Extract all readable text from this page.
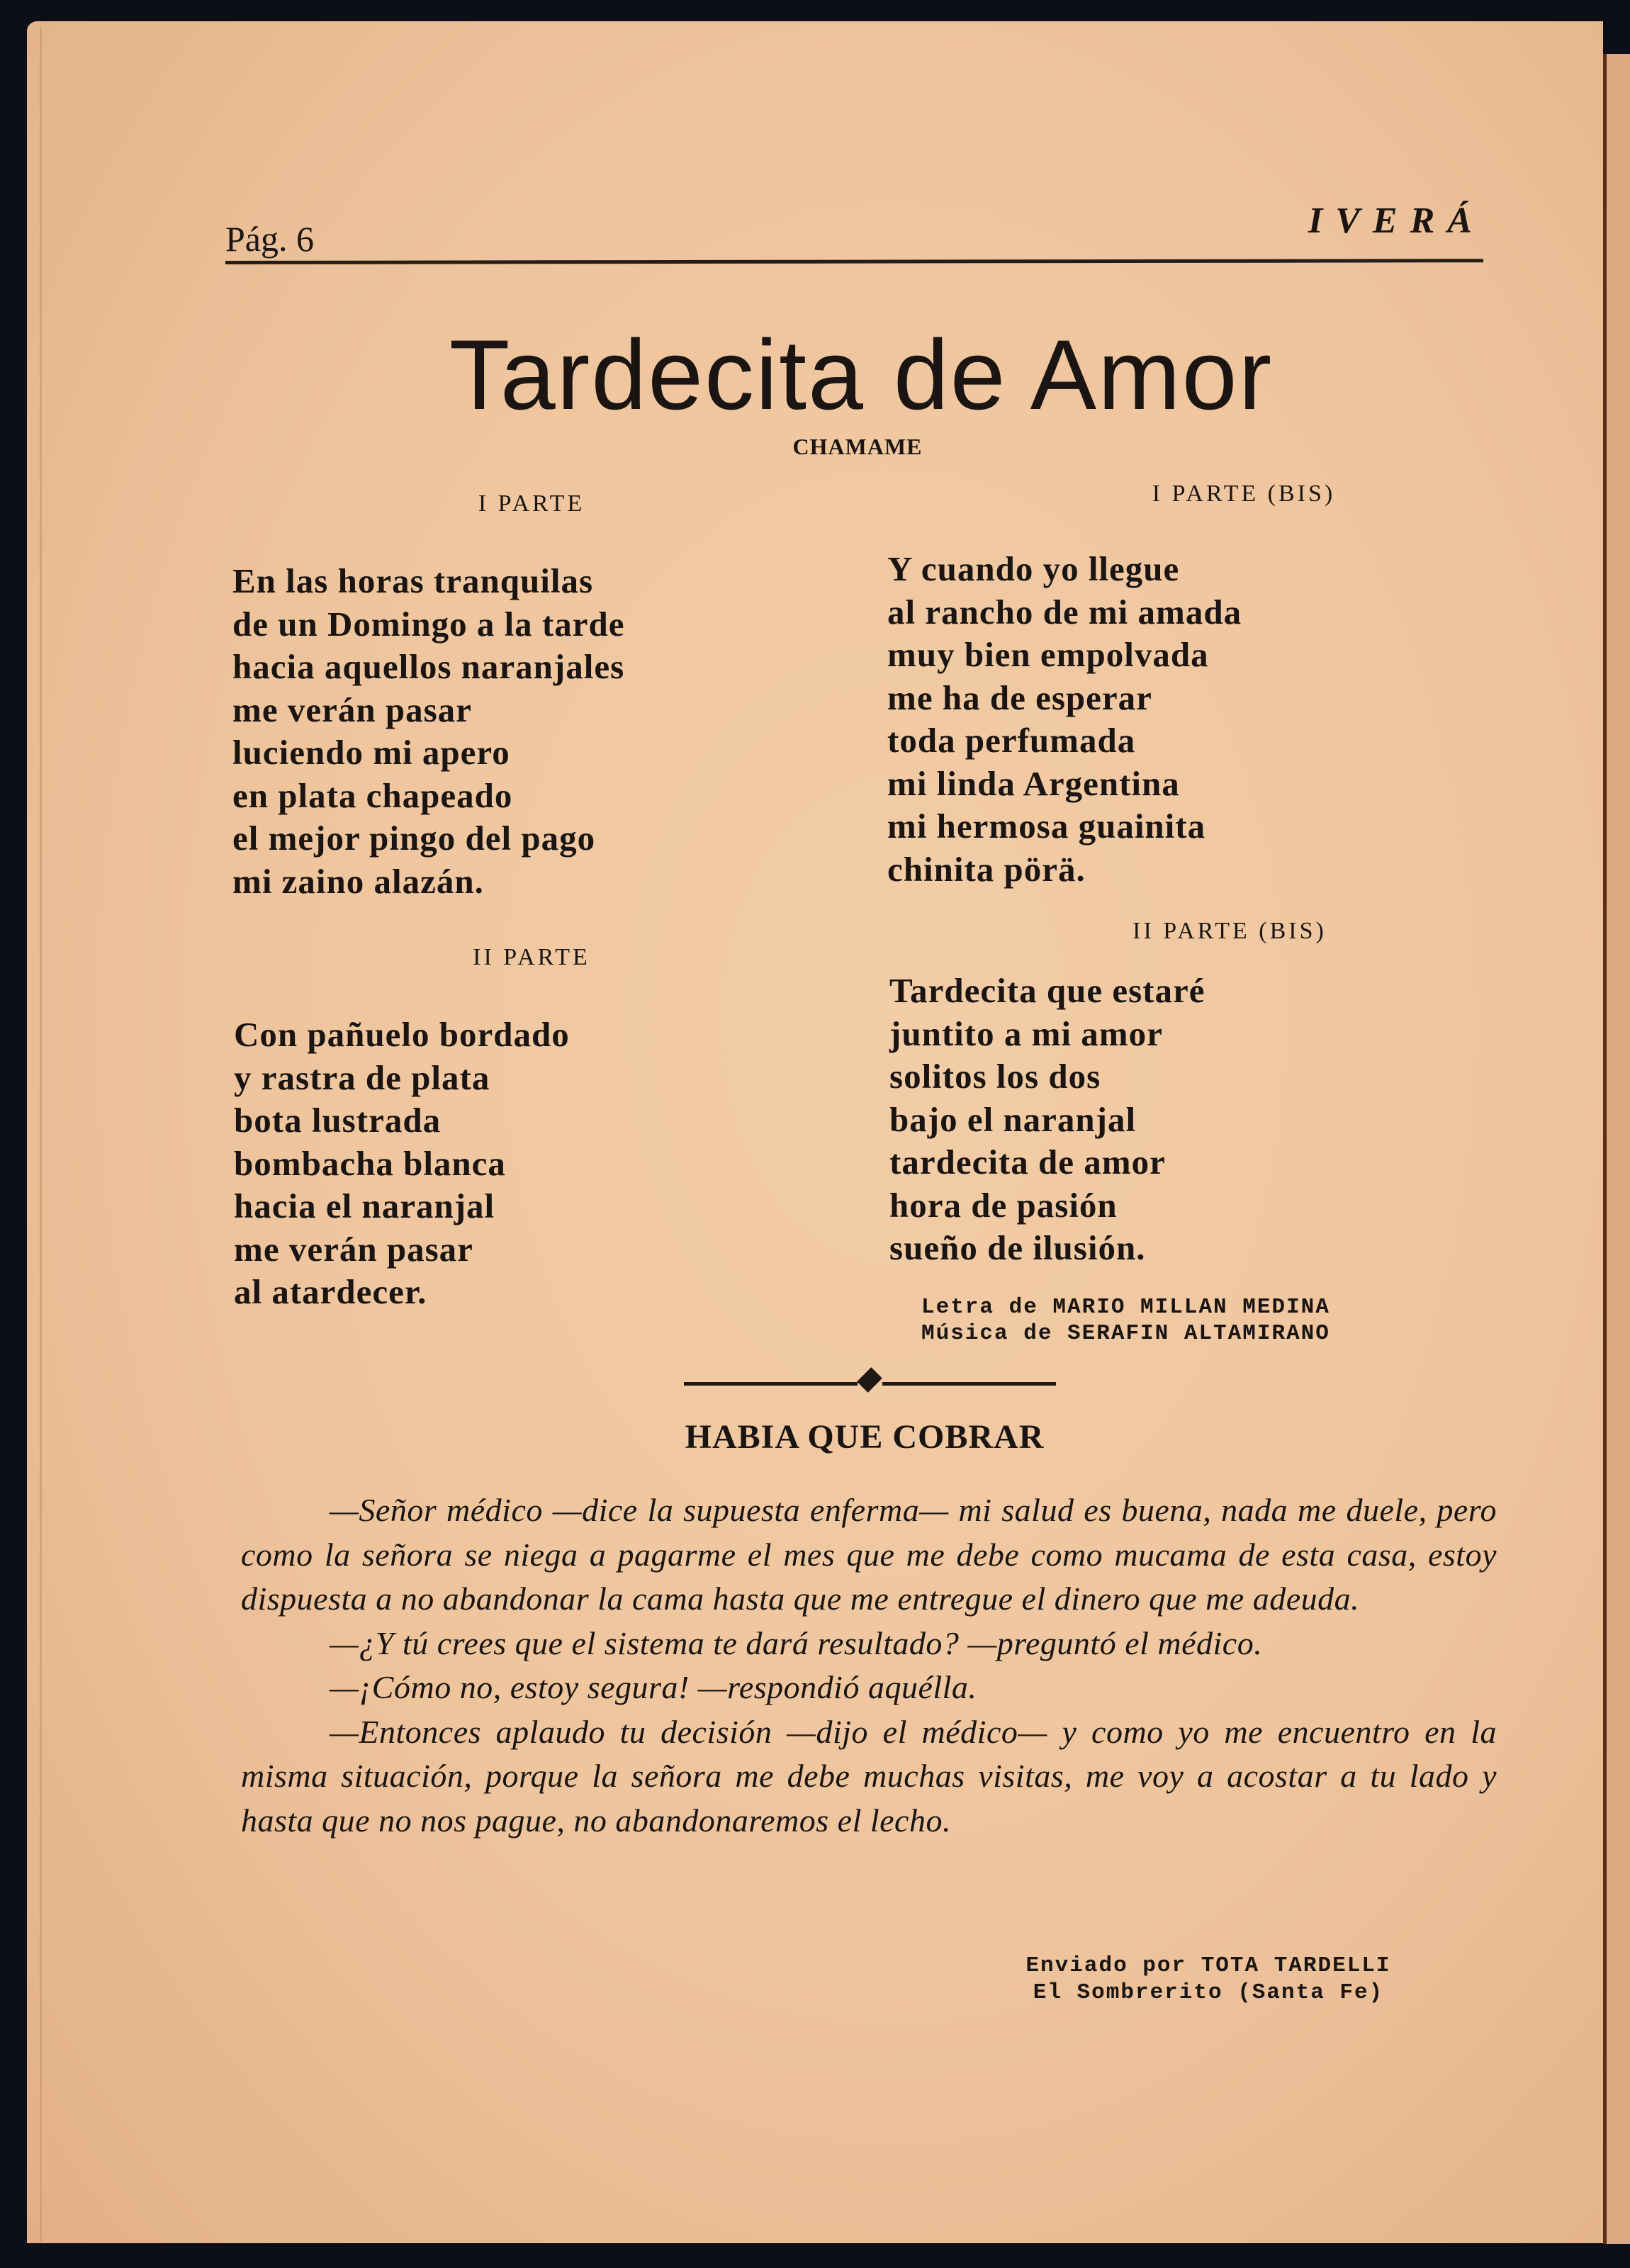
Pág. 6	IVERÁ
Tardecita de Amor
CHAMAME
I PARTE
En las horas tranquilas
de un Domingo a la tarde
hacia aquellos naranjales
me verán pasar
luciendo mi apero
en plata chapeado
el mejor pingo del pago
mi zaino alazán.
II PARTE
Con pañuelo bordado
y rastra de plata
bota lustrada
bombacha blanca
hacia el naranjal
me verán pasar
al atardecer.
I PARTE (BIS)
Y cuando yo llegue
al rancho de mi amada
muy bien empolvada
me ha de esperar
toda perfumada
mi linda Argentina
mi hermosa guainita
chinita pörä.
II PARTE (BIS)
Tardecita que estaré
juntito a mi amor
solitos los dos
bajo el naranjal
tardecita de amor
hora de pasión
sueño de ilusión.
Letra de MARIO MILLAN MEDINA
Música de SERAFIN ALTAMIRANO
HABIA QUE COBRAR

—Señor médico —dice la supuesta enferma— mi salud es buena, nada me duele, pero como la señora se niega a pagarme el mes que me debe como mucama de esta casa, estoy dispuesta a no abandonar la cama hasta que me entregue el dinero que me adeuda.

—¿Y tú crees que el sistema te dará resultado? —preguntó el médico.

—¡Cómo no, estoy segura! —respondió aquélla.

—Entonces aplaudo tu decisión —dijo el médico— y como yo me encuentro en la misma situación, porque la señora me debe muchas visitas, me voy a acostar a tu lado y hasta que no nos pague, no abandonaremos el lecho.

Enviado por TOTA TARDELLI
El Sombrerito (Santa Fe)
